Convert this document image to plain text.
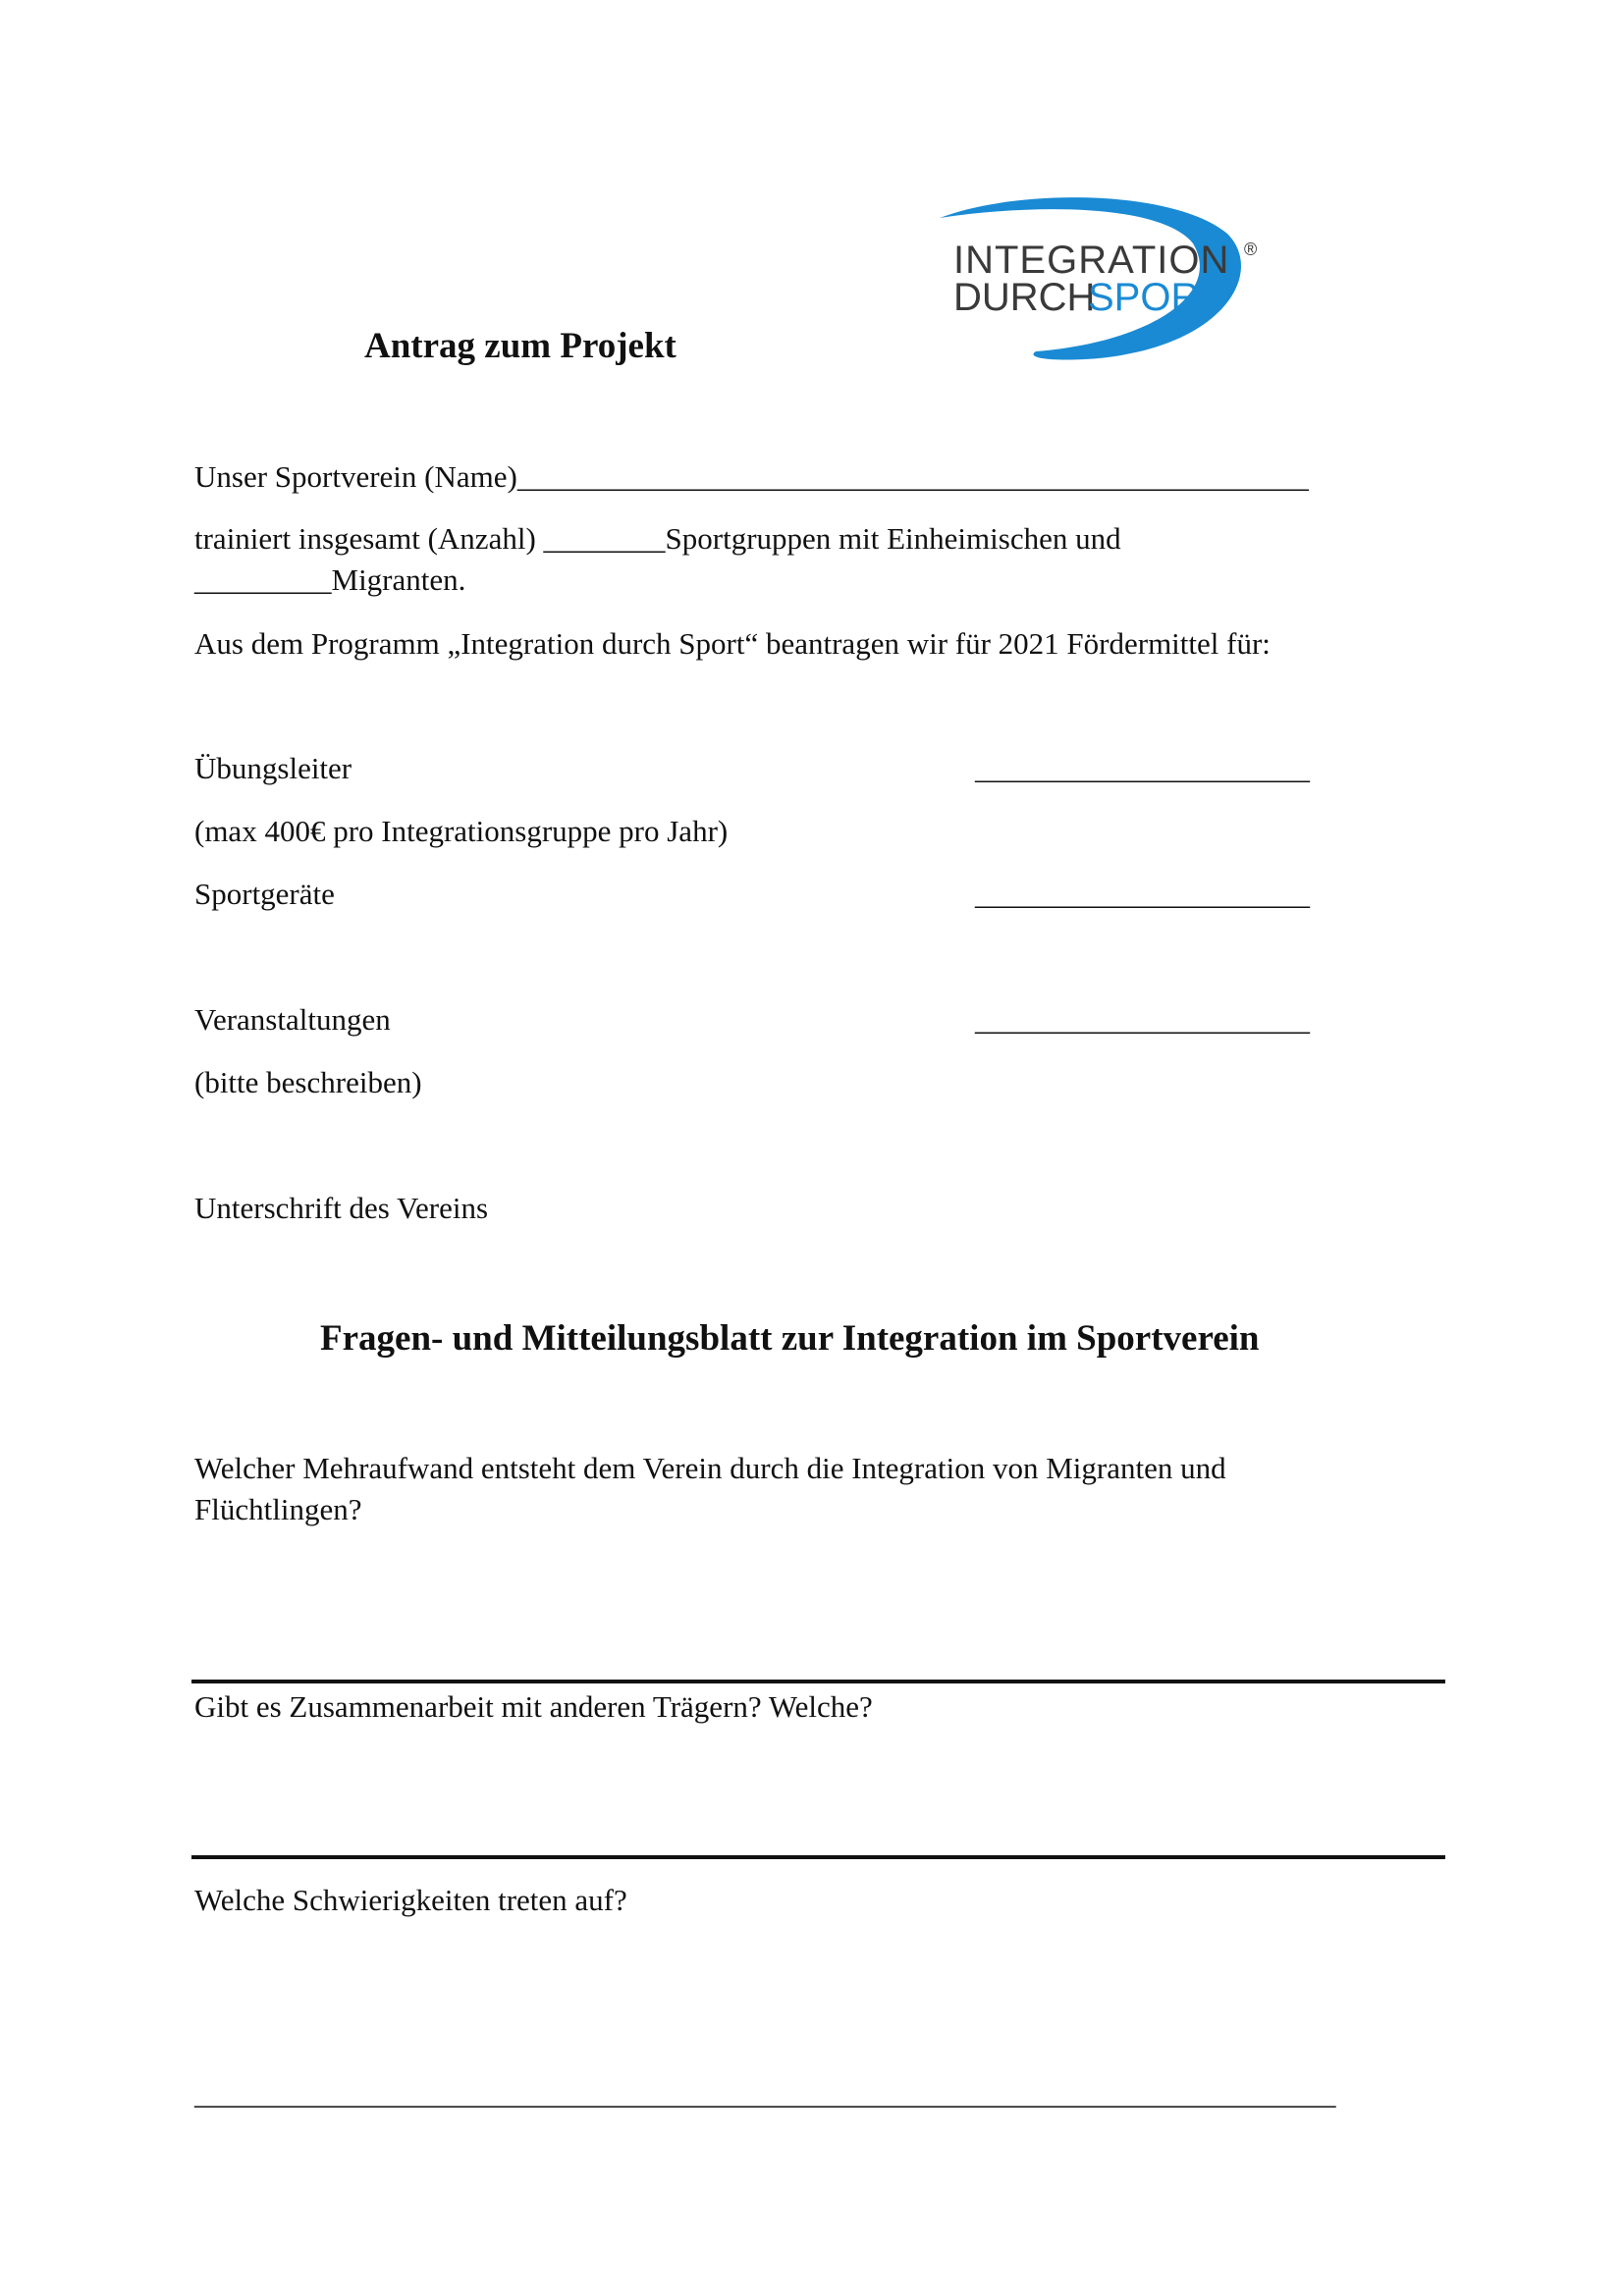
INTEGRATION
DURCH
SPORT
®
Antrag zum Projekt
Unser Sportverein (Name)____________________________________________________
trainiert insgesamt (Anzahl) ________Sportgruppen mit Einheimischen und
_________Migranten.
Aus dem Programm „Integration durch Sport“ beantragen wir für 2021 Fördermittel für:
Übungsleiter	______________________
(max 400€ pro Integrationsgruppe pro Jahr)
Sportgeräte	______________________
Veranstaltungen	______________________
(bitte beschreiben)
Unterschrift des Vereins
Fragen- und Mitteilungsblatt zur Integration im Sportverein
Welcher Mehraufwand entsteht dem Verein durch die Integration von Migranten und
Flüchtlingen?
Gibt es Zusammenarbeit mit anderen Trägern? Welche?
Welche Schwierigkeiten treten auf?
___________________________________________________________________________
